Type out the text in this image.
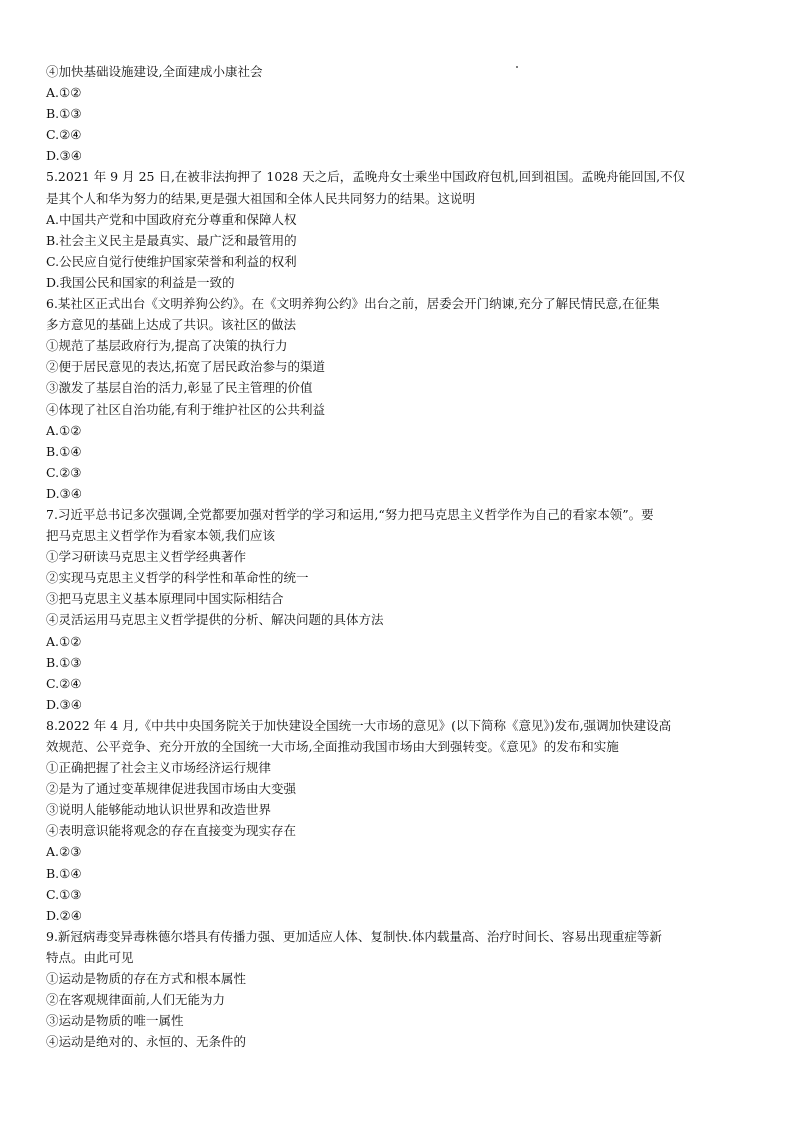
④加快基础设施建设,全面建成小康社会
A.①②
B.①③
C.②④
D.③④
5.2021 年 9 月 25 日,在被非法拘押了 1028 天之后，孟晚舟女士乘坐中国政府包机,回到祖国。孟晚舟能回国,不仅
是其个人和华为努力的结果,更是强大祖国和全体人民共同努力的结果。这说明
A.中国共产党和中国政府充分尊重和保障人权
B.社会主义民主是最真实、最广泛和最管用的
C.公民应自觉行使维护国家荣誉和利益的权利
D.我国公民和国家的利益是一致的
6.某社区正式出台《文明养狗公约》。在《文明养狗公约》出台之前，居委会开门纳谏,充分了解民情民意,在征集
多方意见的基础上达成了共识。该社区的做法
①规范了基层政府行为,提高了决策的执行力
②便于居民意见的表达,拓宽了居民政治参与的渠道
③激发了基层自治的活力,彰显了民主管理的价值
④体现了社区自治功能,有利于维护社区的公共利益
A.①②
B.①④
C.②③
D.③④
7.习近平总书记多次强调,全党都要加强对哲学的学习和运用,“努力把马克思主义哲学作为自己的看家本领”。要
把马克思主义哲学作为看家本领,我们应该
①学习研读马克思主义哲学经典著作
②实现马克思主义哲学的科学性和革命性的统一
③把马克思主义基本原理同中国实际相结合
④灵活运用马克思主义哲学提供的分析、解决问题的具体方法
A.①②
B.①③
C.②④
D.③④
8.2022 年 4 月,《中共中央国务院关于加快建设全国统一大市场的意见》(以下简称《意见》)发布,强调加快建设高
效规范、公平竞争、充分开放的全国统一大市场,全面推动我国市场由大到强转变。《意见》的发布和实施
①正确把握了社会主义市场经济运行规律
②是为了通过变革规律促进我国市场由大变强
③说明人能够能动地认识世界和改造世界
④表明意识能将观念的存在直接变为现实存在
A.②③
B.①④
C.①③
D.②④
9.新冠病毒变异毒株德尔塔具有传播力强、更加适应人体、复制快.体内载量高、治疗时间长、容易出现重症等新
特点。由此可见
①运动是物质的存在方式和根本属性
②在客观规律面前,人们无能为力
③运动是物质的唯一属性
④运动是绝对的、永恒的、无条件的
